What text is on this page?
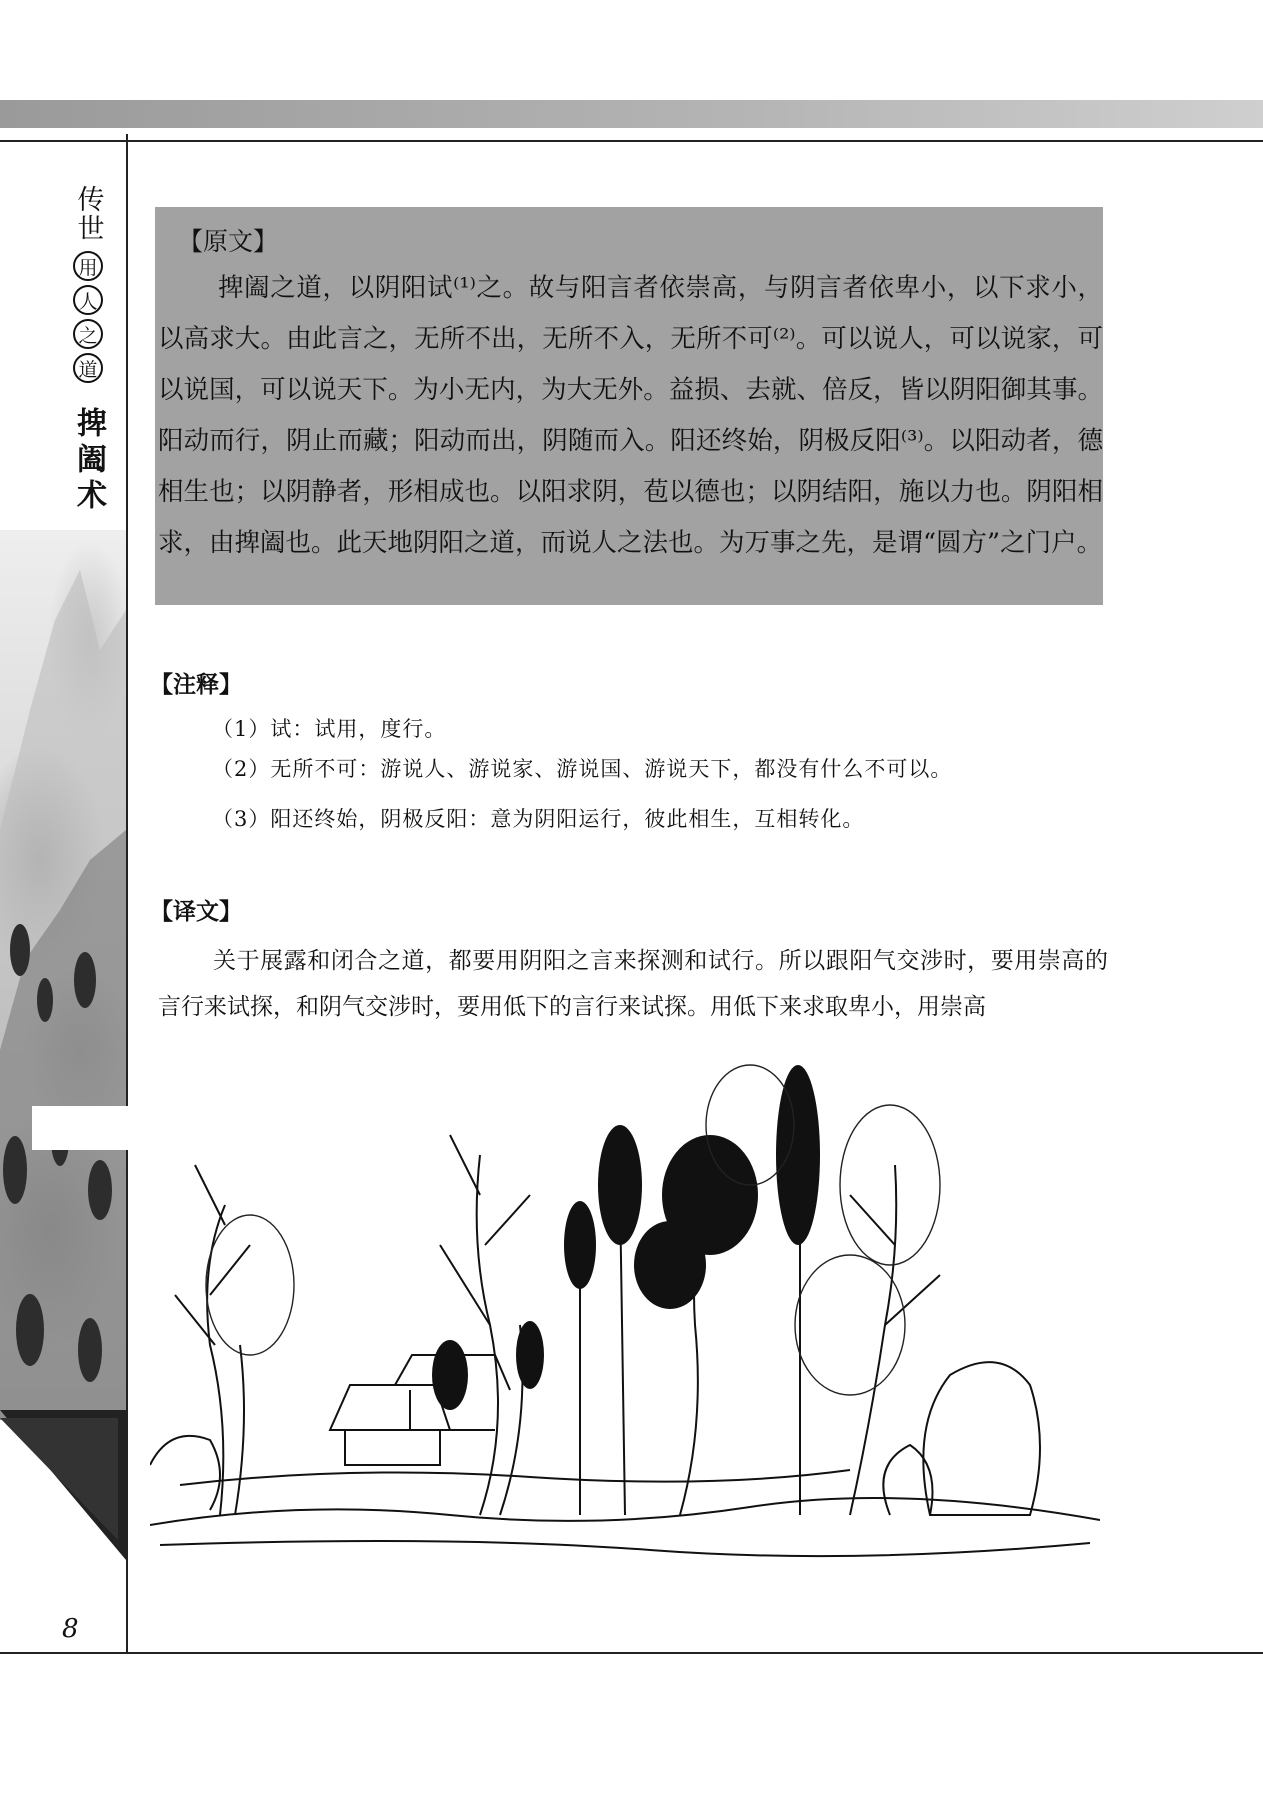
传世
用
人
之
道
捭阖术
8
【原文】

捭阖之道，以阴阳试⁽¹⁾之。故与阳言者依崇高，与阴言者依卑小，以下求小，以高求大。由此言之，无所不出，无所不入，无所不可⁽²⁾。可以说人，可以说家，可以说国，可以说天下。为小无内，为大无外。益损、去就、倍反，皆以阴阳御其事。阳动而行，阴止而藏；阳动而出，阴随而入。阳还终始，阴极反阳⁽³⁾。以阳动者，德相生也；以阴静者，形相成也。以阳求阴，苞以德也；以阴结阳，施以力也。阴阳相求，由捭阖也。此天地阴阳之道，而说人之法也。为万事之先，是谓“圆方”之门户。

【注释】
（1）试：试用，度行。
（2）无所不可：游说人、游说家、游说国、游说天下，都没有什么不可以。
（3）阳还终始，阴极反阳：意为阴阳运行，彼此相生，互相转化。
【译文】

关于展露和闭合之道，都要用阴阳之言来探测和试行。所以跟阳气交涉时，要用崇高的言行来试探，和阴气交涉时，要用低下的言行来试探。用低下来求取卑小，用崇高
